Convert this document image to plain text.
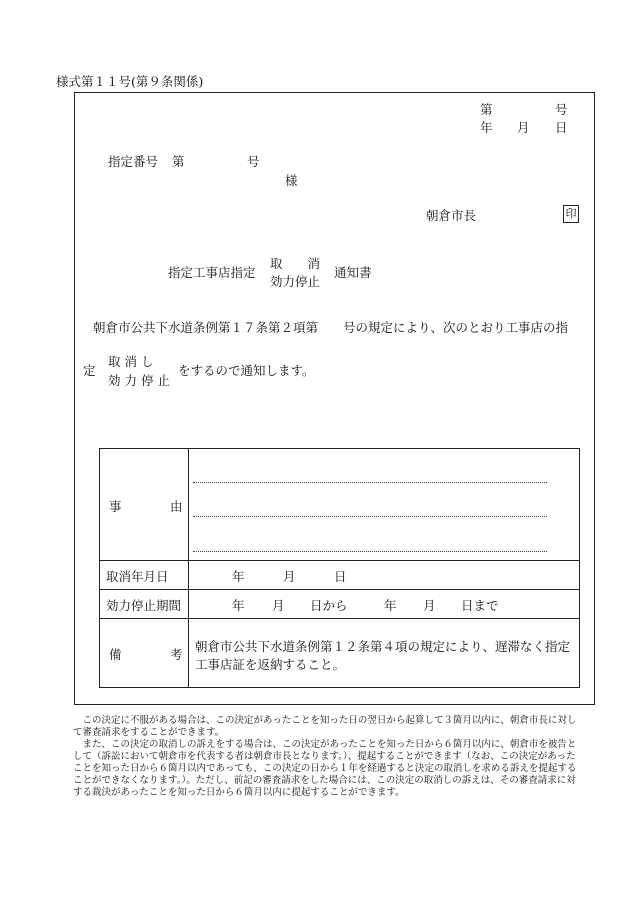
様式第１１号(第９条関係)
第	号
年 月 日
指定番号 第	号
様
朝倉市長	印
指定工事店指定
取　　消
効力停止
通知書
朝倉市公共下水道条例第１７条第２項第　　号の規定により、次のとおり工事店の指
定
取 消 し
効 力 停 止
をするので通知します。
事	由
取消年月日	年	月	日
効力停止期間	年 月 日から	年 月 日まで
備	考
朝倉市公共下水道条例第１２条第４項の規定により、遅滞なく指定
工事店証を返納すること。

この決定に不服がある場合は、この決定があったことを知った日の翌日から起算して３箇月以内に、朝倉市長に対して審査請求をすることができます。

また、この決定の取消しの訴えをする場合は、この決定があったことを知った日から６箇月以内に、朝倉市を被告として（訴訟において朝倉市を代表する者は朝倉市長となります。）、提起することができます（なお、この決定があったことを知った日から６箇月以内であっても、この決定の日から１年を経過すると決定の取消しを求める訴えを提起することができなくなります。）。ただし、前記の審査請求をした場合には、この決定の取消しの訴えは、その審査請求に対する裁決があったことを知った日から６箇月以内に提起することができます。
